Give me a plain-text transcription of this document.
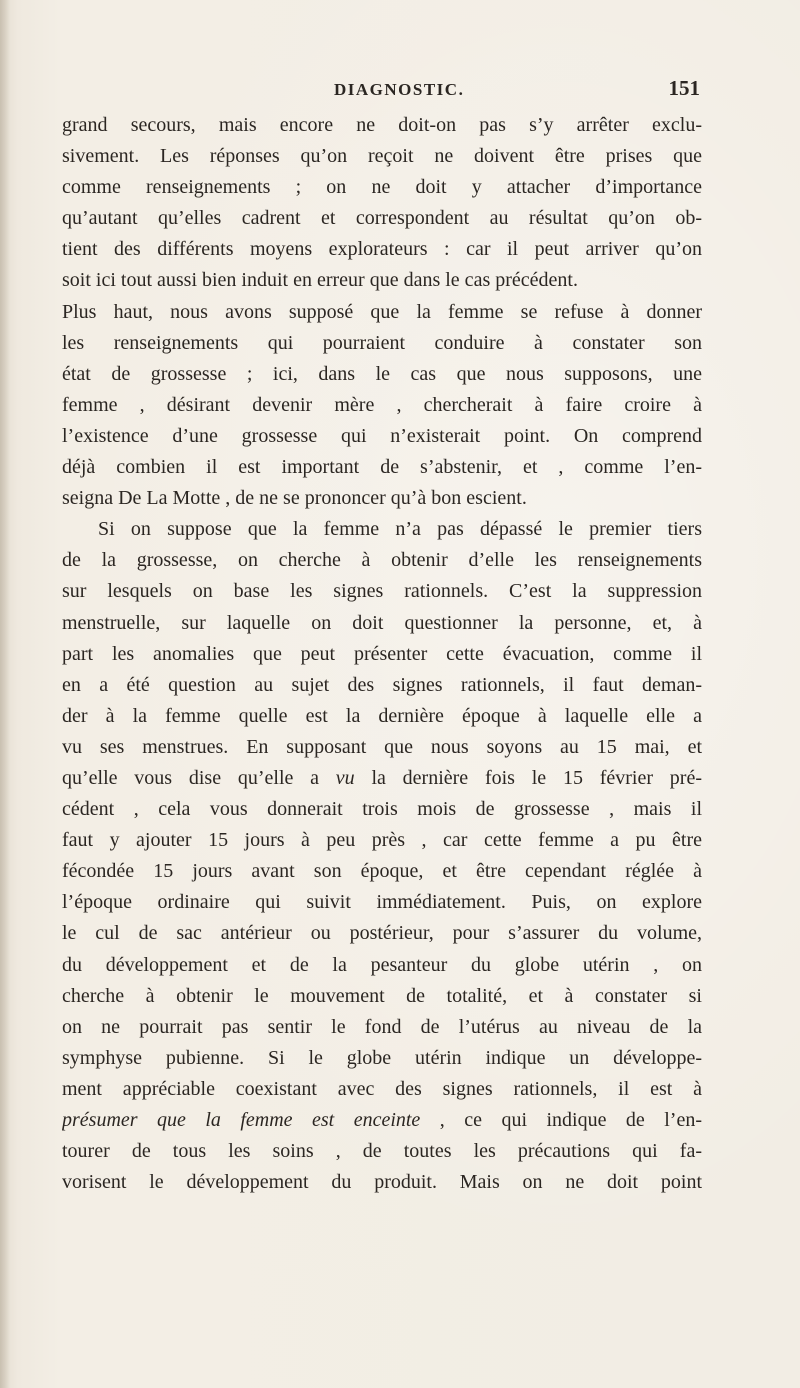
DIAGNOSTIC.	151
grand secours, mais encore ne doit-on pas s’y arrêter exclu-
sivement. Les réponses qu’on reçoit ne doivent être prises que
comme renseignements ; on ne doit y attacher d’importance
qu’autant qu’elles cadrent et correspondent au résultat qu’on ob-
tient des différents moyens explorateurs : car il peut arriver qu’on
soit ici tout aussi bien induit en erreur que dans le cas précédent.
Plus haut, nous avons supposé que la femme se refuse à donner
les renseignements qui pourraient conduire à constater son
état de grossesse ; ici, dans le cas que nous supposons, une
femme , désirant devenir mère , chercherait à faire croire à
l’existence d’une grossesse qui n’existerait point. On comprend
déjà combien il est important de s’abstenir, et , comme l’en-
seigna De La Motte , de ne se prononcer qu’à bon escient.
Si on suppose que la femme n’a pas dépassé le premier tiers
de la grossesse, on cherche à obtenir d’elle les renseignements
sur lesquels on base les signes rationnels. C’est la suppression
menstruelle, sur laquelle on doit questionner la personne, et, à
part les anomalies que peut présenter cette évacuation, comme il
en a été question au sujet des signes rationnels, il faut deman-
der à la femme quelle est la dernière époque à laquelle elle a
vu ses menstrues. En supposant que nous soyons au 15 mai, et
qu’elle vous dise qu’elle a vu la dernière fois le 15 février pré-
cédent , cela vous donnerait trois mois de grossesse , mais il
faut y ajouter 15 jours à peu près , car cette femme a pu être
fécondée 15 jours avant son époque, et être cependant réglée à
l’époque ordinaire qui suivit immédiatement. Puis, on explore
le cul de sac antérieur ou postérieur, pour s’assurer du volume,
du développement et de la pesanteur du globe utérin , on
cherche à obtenir le mouvement de totalité, et à constater si
on ne pourrait pas sentir le fond de l’utérus au niveau de la
symphyse pubienne. Si le globe utérin indique un développe-
ment appréciable coexistant avec des signes rationnels, il est à
présumer que la femme est enceinte , ce qui indique de l’en-
tourer de tous les soins , de toutes les précautions qui fa-
vorisent le développement du produit. Mais on ne doit point
